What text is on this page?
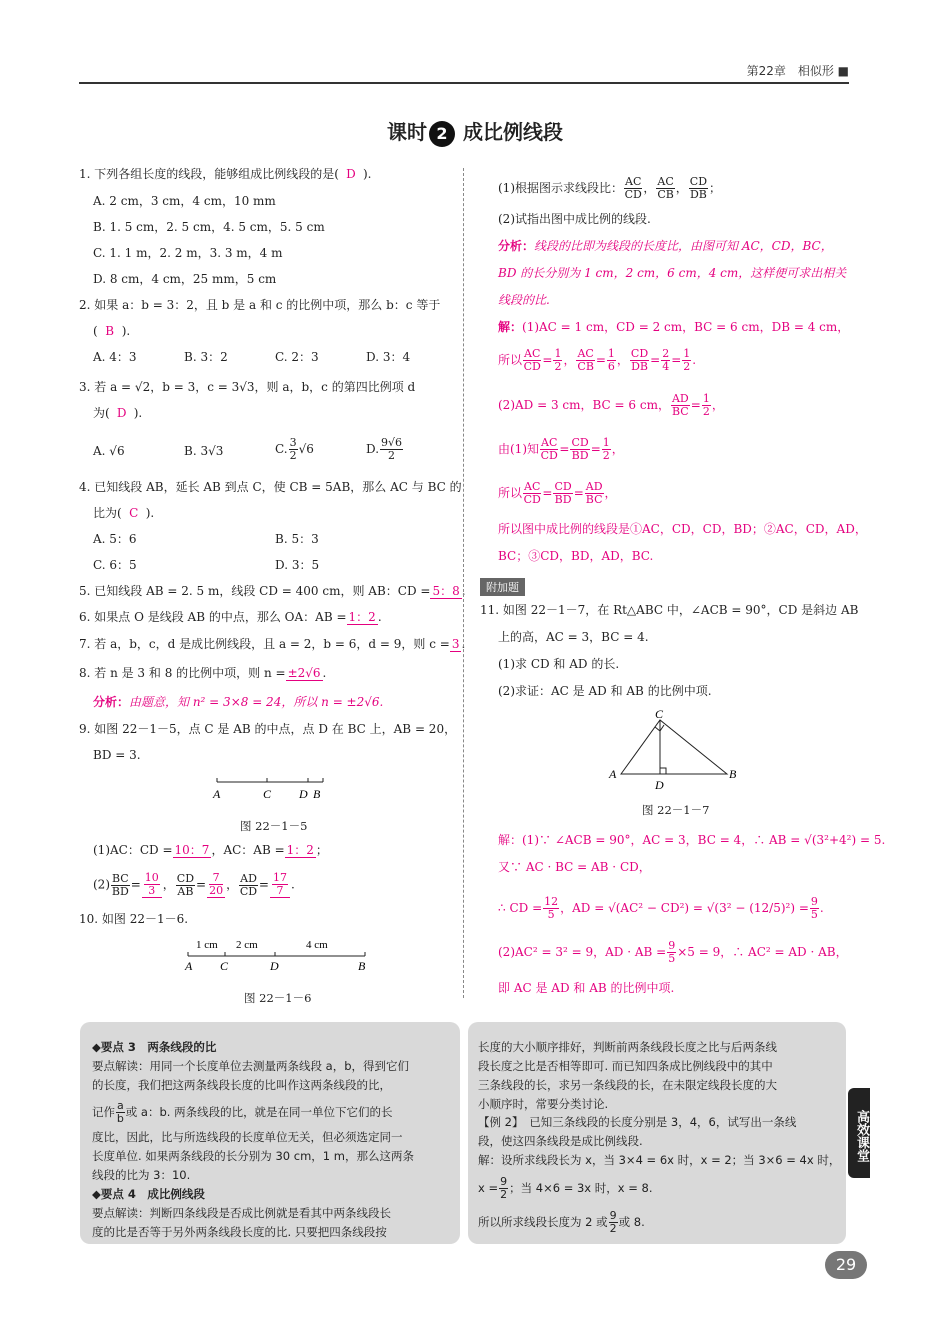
第22章　相似形 ■
课时 2 成比例线段
1. 下列各组长度的线段，能够组成比例线段的是( D ).
A. 2 cm，3 cm，4 cm，10 mm
B. 1. 5 cm，2. 5 cm，4. 5 cm，5. 5 cm
C. 1. 1 m，2. 2 m，3. 3 m，4 m
D. 8 cm，4 cm，25 mm，5 cm
2. 如果 a：b = 3：2，且 b 是 a 和 c 的比例中项，那么 b：c 等于
( B ).
A. 4：3	B. 3：2	C. 2：3	D. 3：4
3. 若 a = √2，b = 3，c = 3√3，则 a，b，c 的第四比例项 d
为( D ).
A. √6	B. 3√3	C. $\frac{3}{2} √6$	D. $\frac{9√6}{2}$
4. 已知线段 AB，延长 AB 到点 C，使 CB = 5AB，那么 AC 与 BC 的
比为( C ).
A. 5：6	B. 5：3
C. 6：5	D. 3：5
5. 已知线段 AB = 2. 5 m，线段 CD = 400 cm，则 AB：CD = 5：8 .
6. 如果点 O 是线段 AB 的中点，那么 OA：AB = 1：2 .
7. 若 a，b，c，d 是成比例线段，且 a = 2，b = 6，d = 9，则 c = 3 .
8. 若 n 是 3 和 8 的比例中项，则 n = ±2√6 .
分析：由题意，知 n² = 3×8 = 24，所以 n = ±2√6.
9. 如图 22－1－5，点 C 是 AB 的中点，点 D 在 BC 上，AB = 20，
BD = 3.
A	C D B
图 22－1－5
(1)AC：CD = 10：7 ，AC：AB = 1：2 ；
$(2) \frac{BC}{BD} = \frac{10}{3}$ ， $\frac{CD}{AB} = \frac{7}{20}$ ， $\frac{AD}{CD} = \frac{17}{7}$ .
10. 如图 22－1－6.
1 cm 2 cm	4 cm
A C	D	B
图 22－1－6
(1)根据图示求线段比： $\frac{AC}{CD}$ ， $\frac{AC}{CB}$ ， $\frac{CD}{DB}$ ；
(2)试指出图中成比例的线段.
分析：线段的比即为线段的长度比，由图可知 AC，CD，BC，
BD 的长分别为 1 cm，2 cm，6 cm，4 cm，这样便可求出相关
线段的比.
解：(1)AC = 1 cm，CD = 2 cm，BC = 6 cm，DB = 4 cm，
所以 $\frac{AC}{CD} = \frac{1}{2}$ ， $\frac{AC}{CB} = \frac{1}{6}$ ， $\frac{CD}{DB} = \frac{2}{4} = \frac{1}{2}$ .
(2)AD = 3 cm，BC = 6 cm， $\frac{AD}{BC} = \frac{1}{2}$ ，
由(1)知 $\frac{AC}{CD} = \frac{CD}{BD} = \frac{1}{2}$ ，
所以 $\frac{AC}{CD} = \frac{CD}{BD} = \frac{AD}{BC}$ ，
所以图中成比例的线段是①AC，CD，CD，BD；②AC，CD，AD，
BC；③CD，BD，AD，BC.
附加题
11. 如图 22－1－7，在 Rt△ABC 中，∠ACB = 90°，CD 是斜边 AB
上的高，AC = 3，BC = 4.
(1)求 CD 和 AD 的长.
(2)求证：AC 是 AD 和 AB 的比例中项.
C
A
D
B
图 22－1－7
解：(1)∵ ∠ACB = 90°，AC = 3，BC = 4，∴ AB = √(3²+4²) = 5.
又∵ AC · BC = AB · CD，
∴ CD = $\frac{12}{5}$ ，AD = $√(AC^2 - CD^2) = √(3^2 - (12/5)^2) = \frac{9}{5}$ .
(2)AC² = 3² = 9，AD · AB = $\frac{9}{5} \times 5 = 9$，∴ AC² = AD · AB，
即 AC 是 AD 和 AB 的比例中项.
◆要点 3　两条线段的比
要点解读：用同一个长度单位去测量两条线段 a，b，得到它们
的长度，我们把这两条线段长度的比叫作这两条线段的比，
记作 $\frac{a}{b}$ 或 a：b. 两条线段的比，就是在同一单位下它们的长
度比，因此，比与所选线段的长度单位无关，但必须选定同一
长度单位. 如果两条线段的长分别为 30 cm，1 m，那么这两条
线段的比为 3：10.
◆要点 4　成比例线段
要点解读：判断四条线段是否成比例就是看其中两条线段长
度的比是否等于另外两条线段长度的比. 只要把四条线段按
长度的大小顺序排好，判断前两条线段长度之比与后两条线
段长度之比是否相等即可. 而已知四条成比例线段中的其中
三条线段的长，求另一条线段的长，在未限定线段长度的大
小顺序时，常要分类讨论.
【例 2】　已知三条线段的长度分别是 3，4，6，试写出一条线
段，使这四条线段是成比例线段.
解：设所求线段长为 x，当 3×4 = 6x 时，x = 2；当 3×6 = 4x 时，
$x = \frac{9}{2}$ ；当 4×6 = 3x 时，x = 8.
所以所求线段长度为 2 或 $\frac{9}{2}$ 或 8.
高效课堂
29
